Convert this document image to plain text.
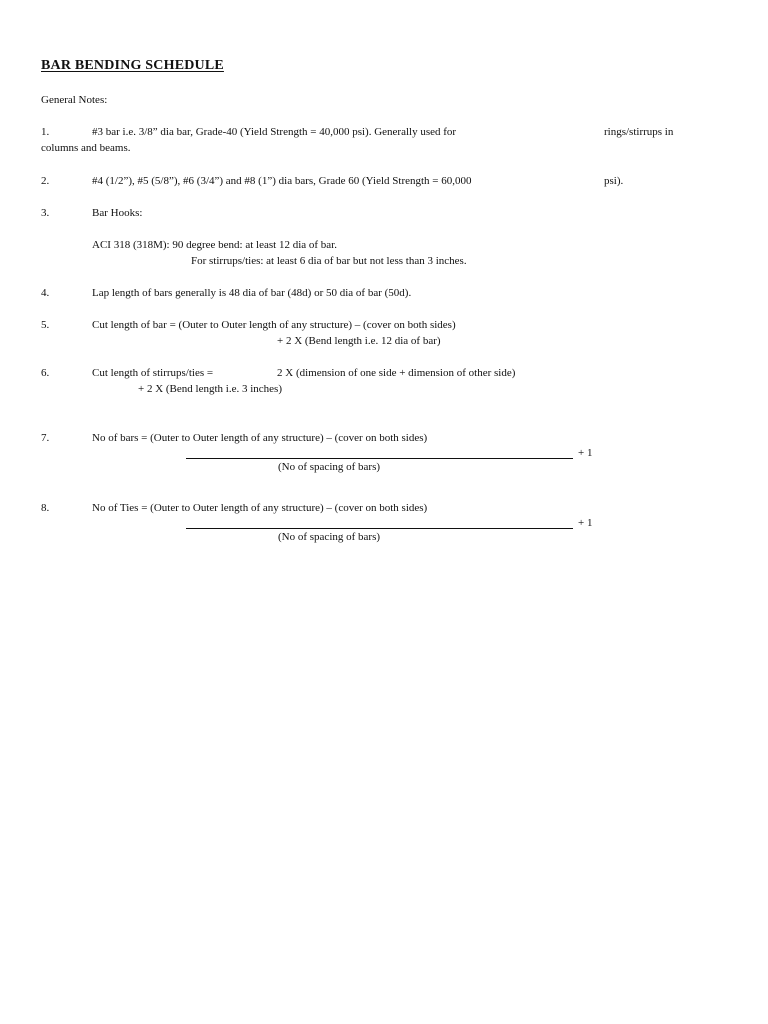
BAR BENDING SCHEDULE
General Notes:
1.	#3 bar i.e. 3/8” dia bar, Grade-40 (Yield Strength = 40,000 psi). Generally used for	rings/stirrups in
columns and beams.
2.	#4 (1/2”), #5 (5/8”), #6 (3/4”) and #8 (1”) dia bars, Grade 60 (Yield Strength = 60,000	psi).
3.	Bar Hooks:
ACI 318 (318M): 90 degree bend: at least 12 dia of bar.
For stirrups/ties: at least 6 dia of bar but not less than 3 inches.
4.	Lap length of bars generally is 48 dia of bar (48d) or 50 dia of bar (50d).
5.	Cut length of bar = (Outer to Outer length of any structure) – (cover on both sides)
+ 2 X (Bend length i.e. 12 dia of bar)
6.	Cut length of stirrups/ties =	2 X (dimension of one side + dimension of other side)
+ 2 X (Bend length i.e. 3 inches)
7.	No of bars = (Outer to Outer length of any structure) – (cover on both sides)
+ 1
(No of spacing of bars)
8.	No of Ties = (Outer to Outer length of any structure) – (cover on both sides)
+ 1
(No of spacing of bars)
